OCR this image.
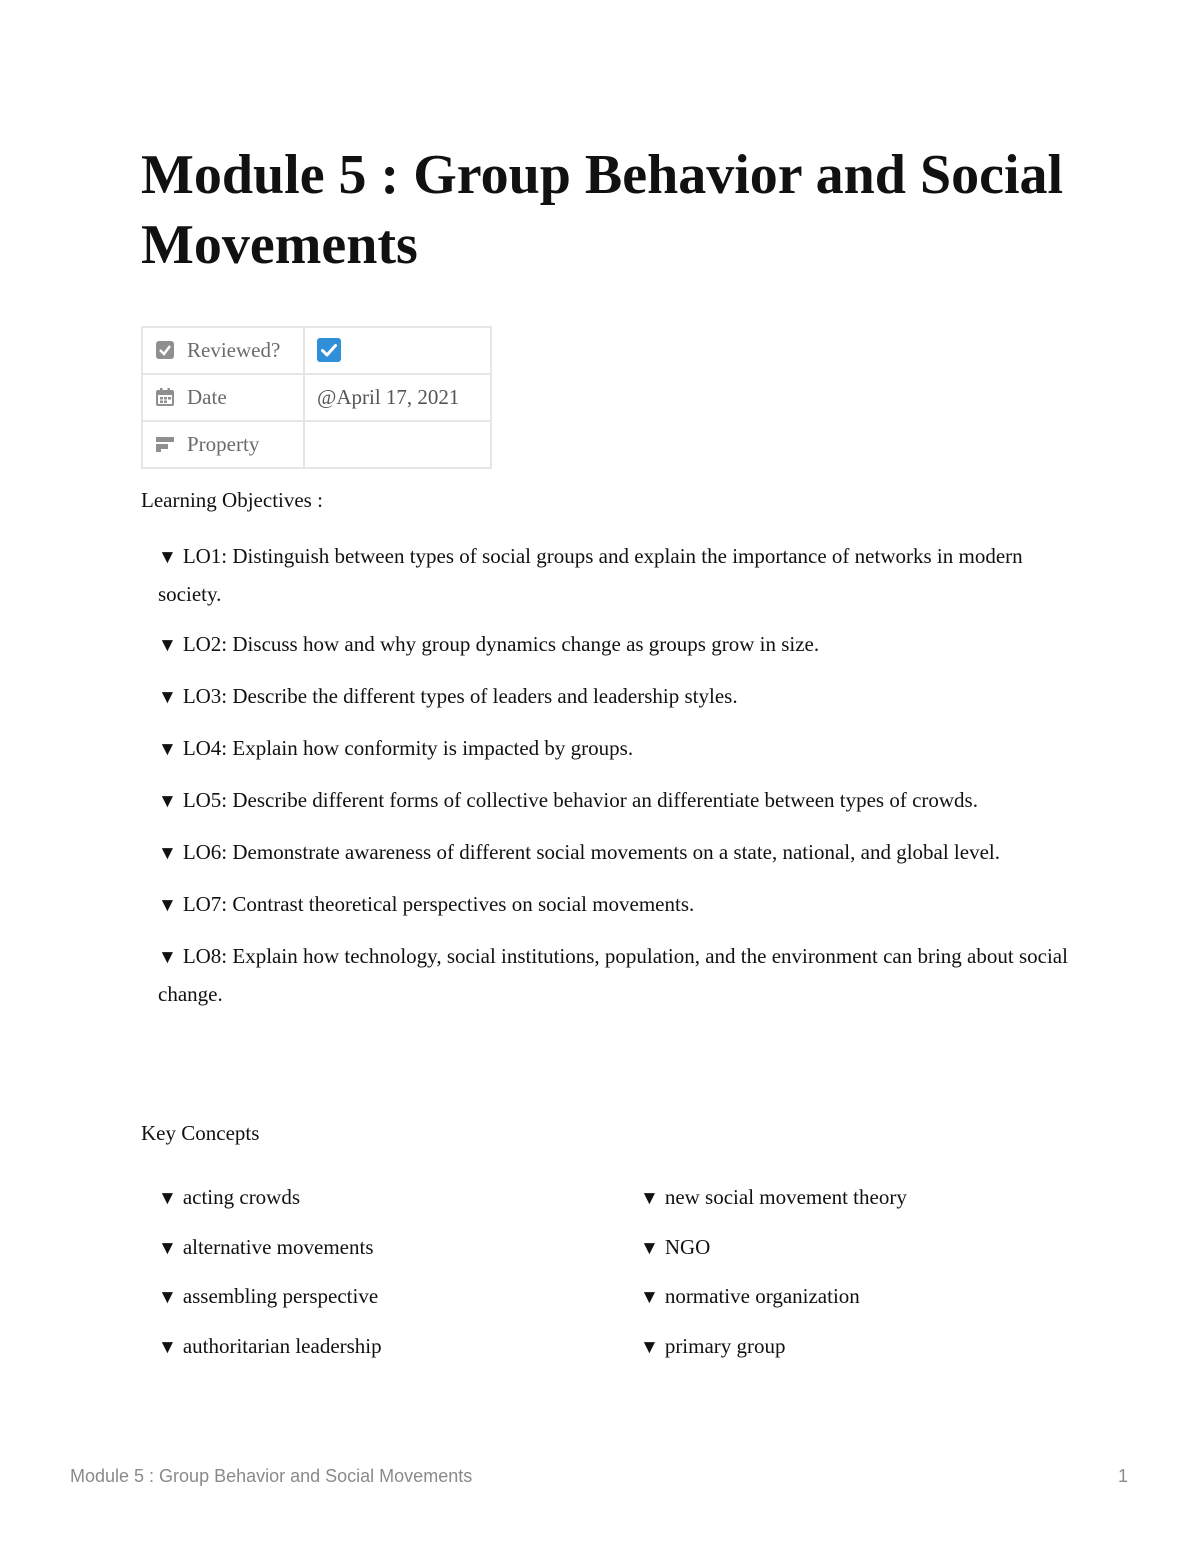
Module 5 : Group Behavior and Social Movements
Reviewed?	
Date	@April 17, 2021
Property	

Learning Objectives :

▼ LO1: Distinguish between types of social groups and explain the importance of networks in modern society.
▼ LO2: Discuss how and why group dynamics change as groups grow in size.
▼ LO3: Describe the different types of leaders and leadership styles.
▼ LO4: Explain how conformity is impacted by groups.
▼ LO5: Describe different forms of collective behavior an differentiate between types of crowds.
▼ LO6: Demonstrate awareness of different social movements on a state, national, and global level.
▼ LO7: Contrast theoretical perspectives on social movements.
▼ LO8: Explain how technology, social institutions, population, and the environment can bring about social change.

Key Concepts

▼ acting crowds
▼ alternative movements
▼ assembling perspective
▼ authoritarian leadership
▼ new social movement theory
▼ NGO
▼ normative organization
▼ primary group
Module 5 : Group Behavior and Social Movements	1
